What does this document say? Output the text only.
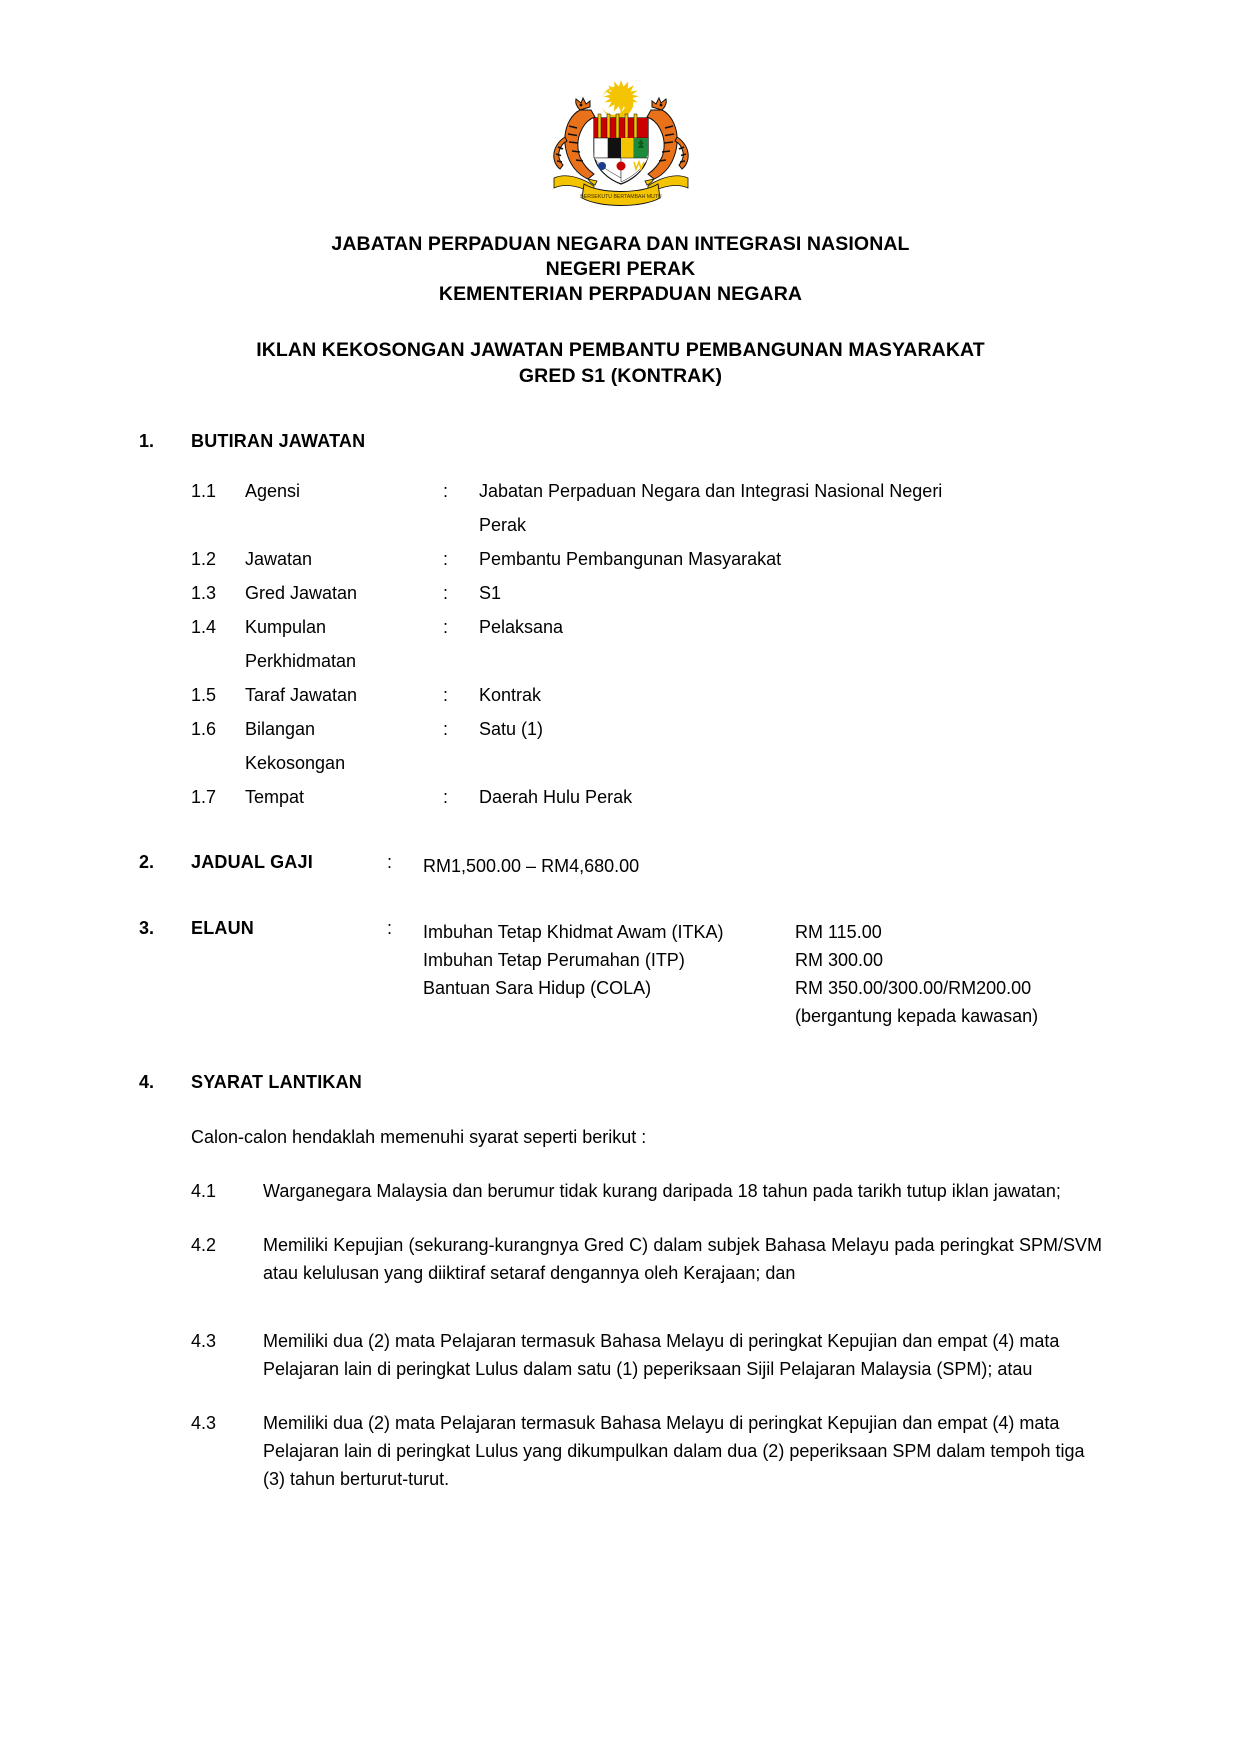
BERSEKUTU BERTAMBAH MUTU
JABATAN PERPADUAN NEGARA DAN INTEGRASI NASIONAL
NEGERI PERAK
KEMENTERIAN PERPADUAN NEGARA
IKLAN KEKOSONGAN JAWATAN PEMBANTU PEMBANGUNAN MASYARAKAT
GRED S1 (KONTRAK)
1.	BUTIRAN JAWATAN
1.1	Agensi	:	Jabatan Perpaduan Negara dan Integrasi Nasional Negeri
Perak
1.2	Jawatan	:	Pembantu Pembangunan Masyarakat
1.3	Gred Jawatan	:	S1
1.4	Kumpulan	:	Pelaksana
Perkhidmatan
1.5	Taraf Jawatan	:	Kontrak
1.6	Bilangan	:	Satu (1)
Kekosongan
1.7	Tempat	:	Daerah Hulu Perak
2.	JADUAL GAJI	:	RM1,500.00 – RM4,680.00
3.	ELAUN	:	Imbuhan Tetap Khidmat Awam (ITKA)	RM 115.00
Imbuhan Tetap Perumahan (ITP)	RM 300.00
Bantuan Sara Hidup (COLA)	RM 350.00/300.00/RM200.00
	(bergantung kepada kawasan)
4.	SYARAT LANTIKAN
Calon-calon hendaklah memenuhi syarat seperti berikut :
4.1	Warganegara Malaysia dan berumur tidak kurang daripada 18 tahun pada tarikh tutup iklan jawatan;
4.2	Memiliki Kepujian (sekurang-kurangnya Gred C) dalam subjek Bahasa Melayu pada peringkat SPM/SVM atau kelulusan yang diiktiraf setaraf dengannya oleh Kerajaan; dan
4.3	Memiliki dua (2) mata Pelajaran termasuk Bahasa Melayu di peringkat Kepujian dan empat (4) mata Pelajaran lain di peringkat Lulus dalam satu (1) peperiksaan Sijil Pelajaran Malaysia (SPM); atau
4.3	Memiliki dua (2) mata Pelajaran termasuk Bahasa Melayu di peringkat Kepujian dan empat (4) mata Pelajaran lain di peringkat Lulus yang dikumpulkan dalam dua (2) peperiksaan SPM dalam tempoh tiga (3) tahun berturut-turut.
